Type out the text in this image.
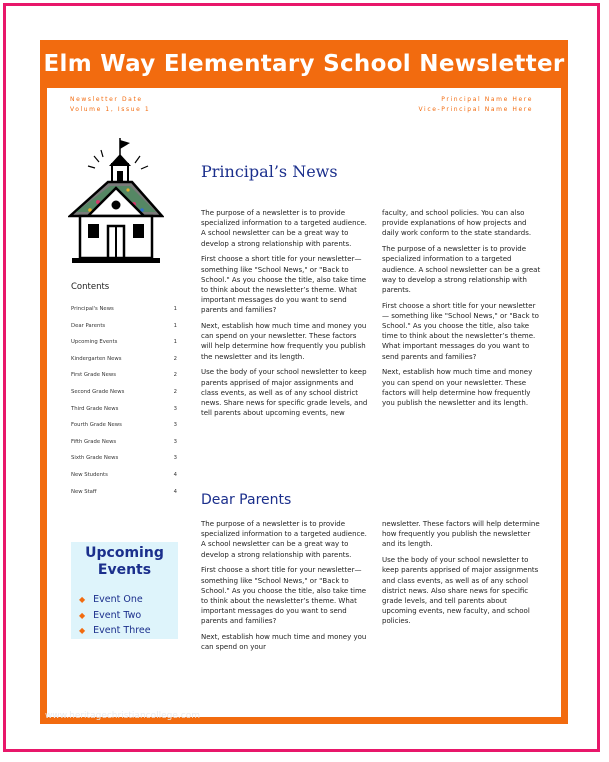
Elm Way Elementary School Newsletter
Newsletter Date
Volume 1, Issue 1
Principal Name Here
Vice-Principal Name Here
Contents
Principal's News	1
Dear Parents	1
Upcoming Events	1
Kindergarten News	2
First Grade News	2
Second Grade News	2
Third Grade News	3
Fourth Grade News	3
Fifth Grade News	3
Sixth Grade News	3
New Students	4
New Staff	4
Upcoming
Events
◆ Event One
◆ Event Two
◆ Event Three
Principal’s News

The purpose of a newsletter is to provide specialized information to a targeted audience. A school newsletter can be a great way to develop a strong relationship with parents.

First choose a short title for your newsletter— something like "School News," or "Back to School." As you choose the title, also take time to think about the newsletter’s theme. What important messages do you want to send parents and families?

Next, establish how much time and money you can spend on your newsletter. These factors will help determine how frequently you publish the newsletter and its length.

Use the body of your school newsletter to keep parents apprised of major assignments and class events, as well as of any school district news. Share news for specific grade levels, and tell parents about upcoming events, new

faculty, and school policies. You can also provide explanations of how projects and daily work conform to the state standards.

The purpose of a newsletter is to provide specialized information to a targeted audience. A school newsletter can be a great way to develop a strong relationship with parents.

First choose a short title for your newsletter— something like "School News," or "Back to School." As you choose the title, also take time to think about the newsletter’s theme. What important messages do you want to send parents and families?

Next, establish how much time and money you can spend on your newsletter. These factors will help determine how frequently you publish the newsletter and its length.

Dear Parents

The purpose of a newsletter is to provide specialized information to a targeted audience. A school newsletter can be a great way to develop a strong relationship with parents.

First choose a short title for your newsletter— something like "School News," or "Back to School." As you choose the title, also take time to think about the newsletter’s theme. What important messages do you want to send parents and families?

Next, establish how much time and money you can spend on your

newsletter. These factors will help determine how frequently you publish the newsletter and its length.

Use the body of your school newsletter to keep parents apprised of major assignments and class events, as well as of any school district news. Also share news for specific grade levels, and tell parents about upcoming events, new faculty, and school policies.

www.heritagechristiancollege.com
